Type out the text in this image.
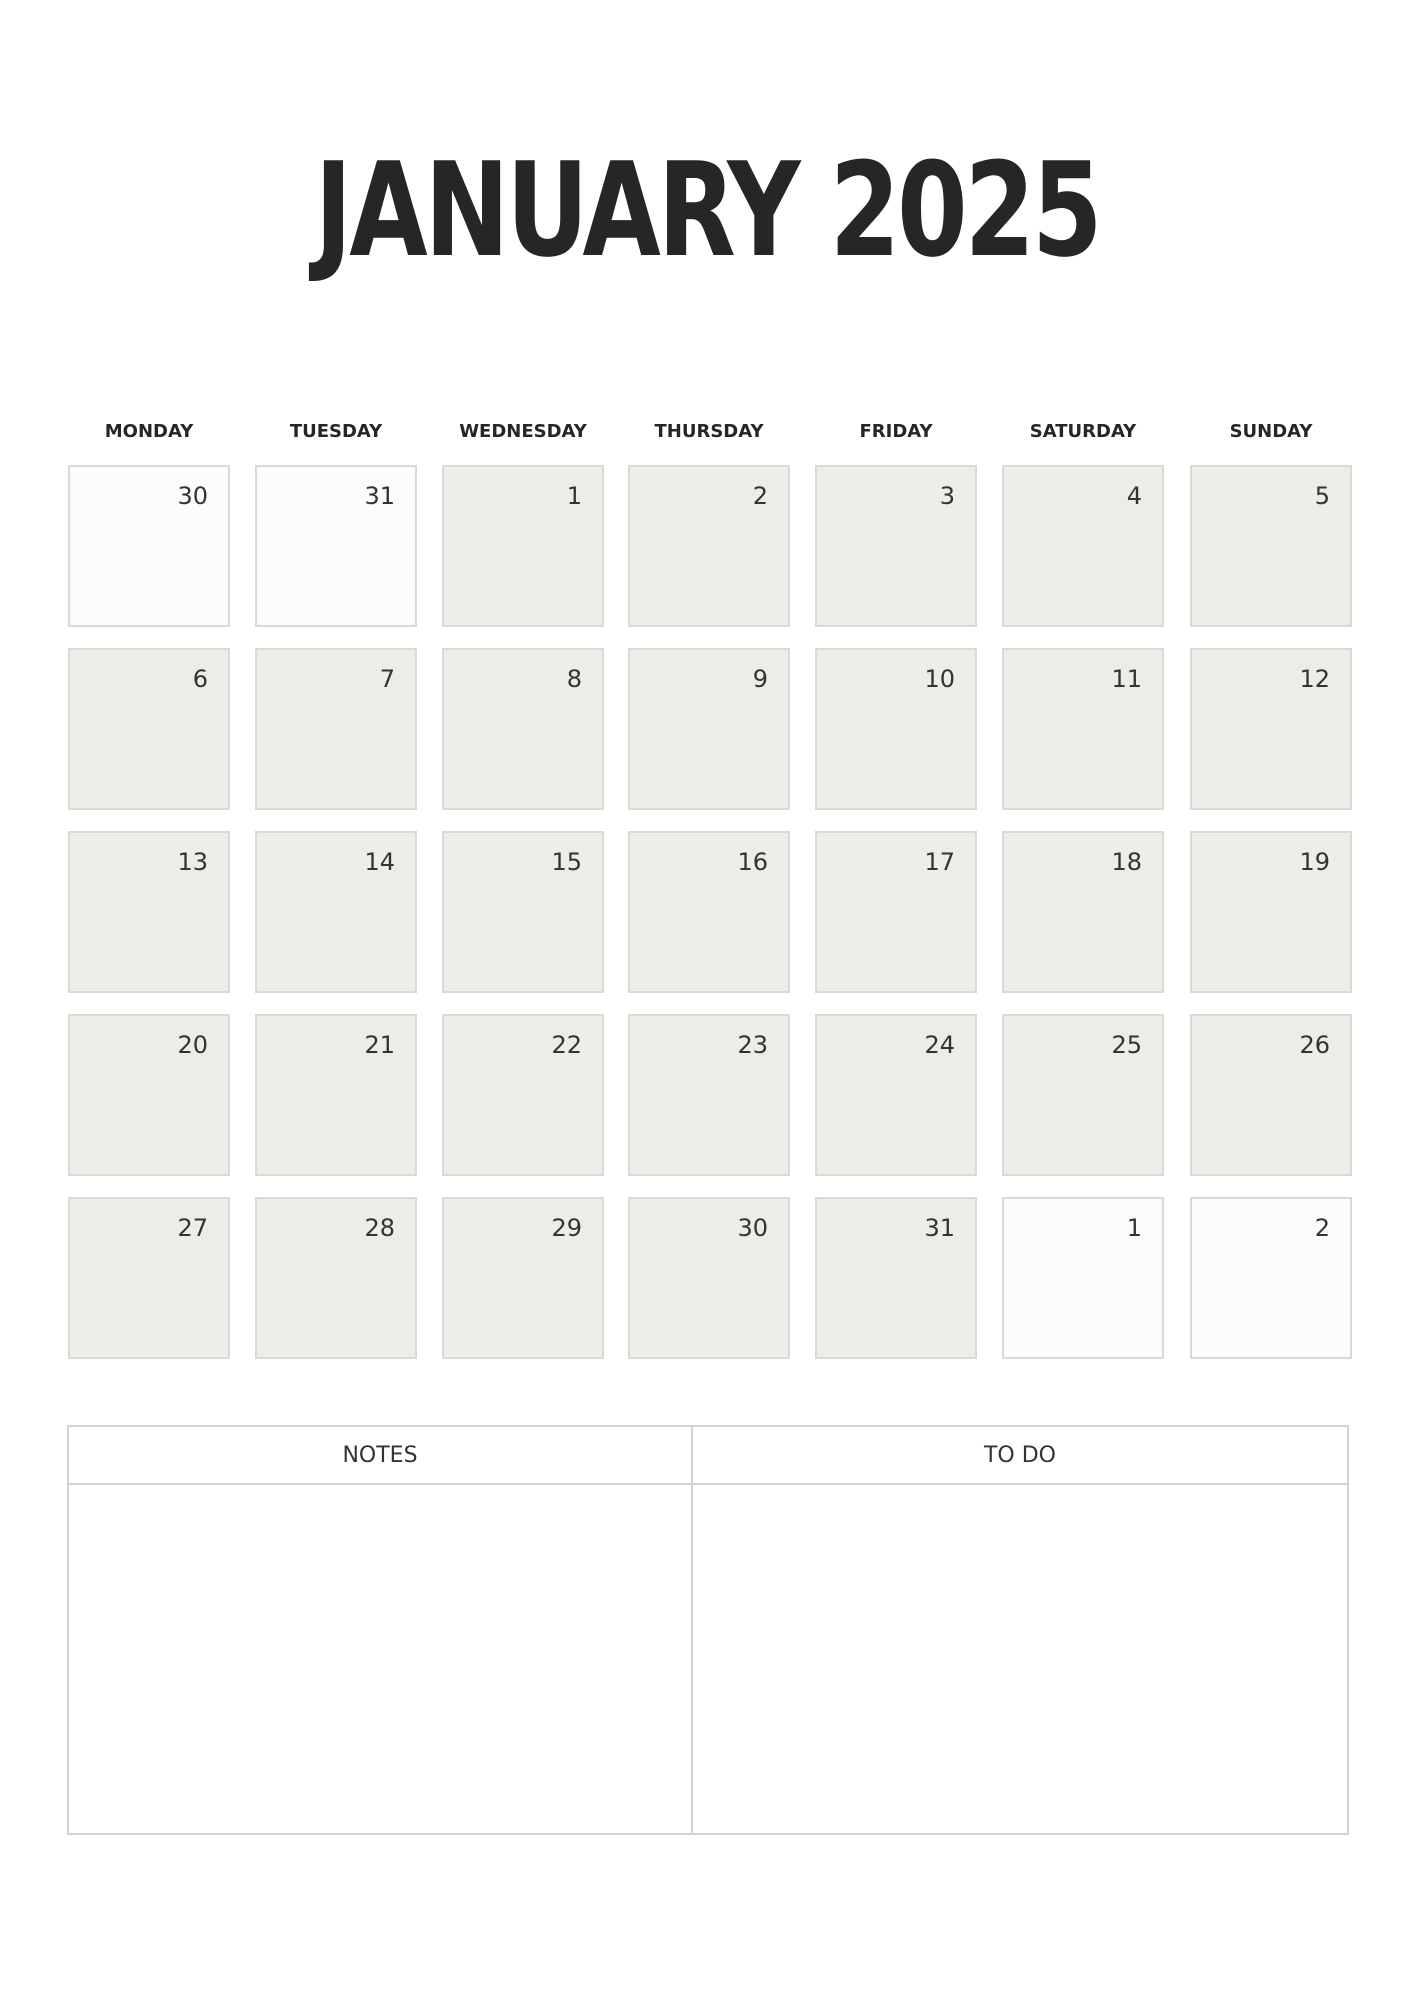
JANUARY 2025
MONDAY	TUESDAY	WEDNESDAY	THURSDAY	FRIDAY	SATURDAY	SUNDAY
30	31	1	2	3	4	5
6	7	8	9	10	11	12
13	14	15	16	17	18	19
20	21	22	23	24	25	26
27	28	29	30	31	1	2
NOTES	TO DO
